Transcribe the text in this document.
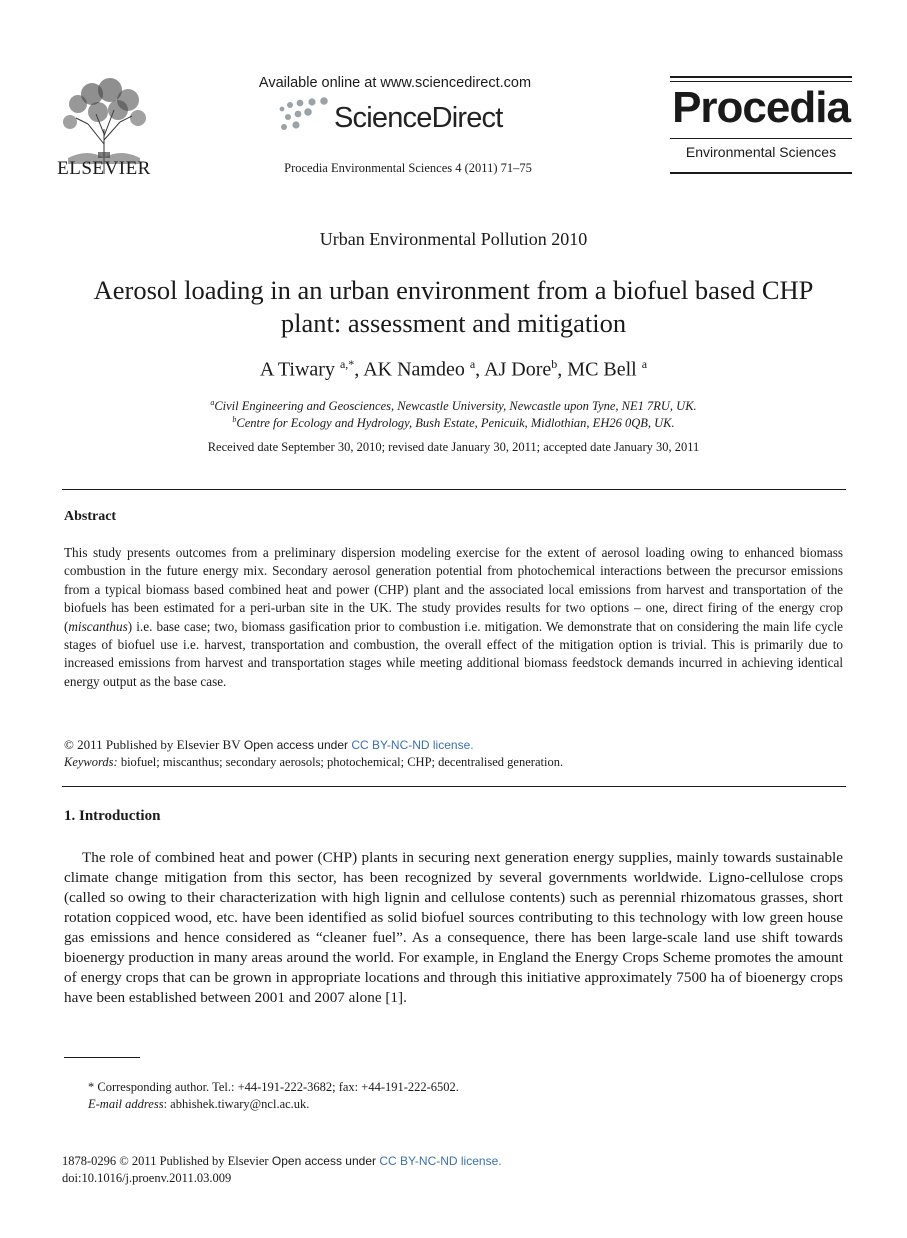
ELSEVIER
Available online at www.sciencedirect.com
ScienceDirect
Procedia Environmental Sciences 4 (2011) 71–75
Procedia
Environmental Sciences
Urban Environmental Pollution 2010
Aerosol loading in an urban environment from a biofuel based CHP
plant: assessment and mitigation
A Tiwary $^{a,*}$, AK Namdeo $^a$, AJ Dore$^b$, MC Bell $^a$
$^a$Civil Engineering and Geosciences, Newcastle University, Newcastle upon Tyne, NE1 7RU, UK.
$^b$Centre for Ecology and Hydrology, Bush Estate, Penicuik, Midlothian, EH26 0QB, UK.
Received date September 30, 2010; revised date January 30, 2011; accepted date January 30, 2011
Abstract
This study presents outcomes from a preliminary dispersion modeling exercise for the extent of aerosol loading owing to enhanced biomass combustion in the future energy mix. Secondary aerosol generation potential from photochemical interactions between the precursor emissions from a typical biomass based combined heat and power (CHP) plant and the associated local emissions from harvest and transportation of the biofuels has been estimated for a peri-urban site in the UK. The study provides results for two options – one, direct firing of the energy crop (miscanthus) i.e. base case; two, biomass gasification prior to combustion i.e. mitigation. We demonstrate that on considering the main life cycle stages of biofuel use i.e. harvest, transportation and combustion, the overall effect of the mitigation option is trivial. This is primarily due to increased emissions from harvest and transportation stages while meeting additional biomass feedstock demands incurred in achieving identical energy output as the base case.
© 2011 Published by Elsevier BV Open access under CC BY-NC-ND license.
Keywords: biofuel; miscanthus; secondary aerosols; photochemical; CHP; decentralised generation.
1. Introduction
The role of combined heat and power (CHP) plants in securing next generation energy supplies, mainly towards sustainable climate change mitigation from this sector, has been recognized by several governments worldwide. Ligno-cellulose crops (called so owing to their characterization with high lignin and cellulose contents) such as perennial rhizomatous grasses, short rotation coppiced wood, etc. have been identified as solid biofuel sources contributing to this technology with low green house gas emissions and hence considered as “cleaner fuel”. As a consequence, there has been large-scale land use shift towards bioenergy production in many areas around the world. For example, in England the Energy Crops Scheme promotes the amount of energy crops that can be grown in appropriate locations and through this initiative approximately 7500 ha of bioenergy crops have been established between 2001 and 2007 alone [1].
* Corresponding author. Tel.: +44-191-222-3682; fax: +44-191-222-6502.
E-mail address: abhishek.tiwary@ncl.ac.uk.
1878-0296 © 2011 Published by Elsevier Open access under CC BY-NC-ND license.
doi:10.1016/j.proenv.2011.03.009
